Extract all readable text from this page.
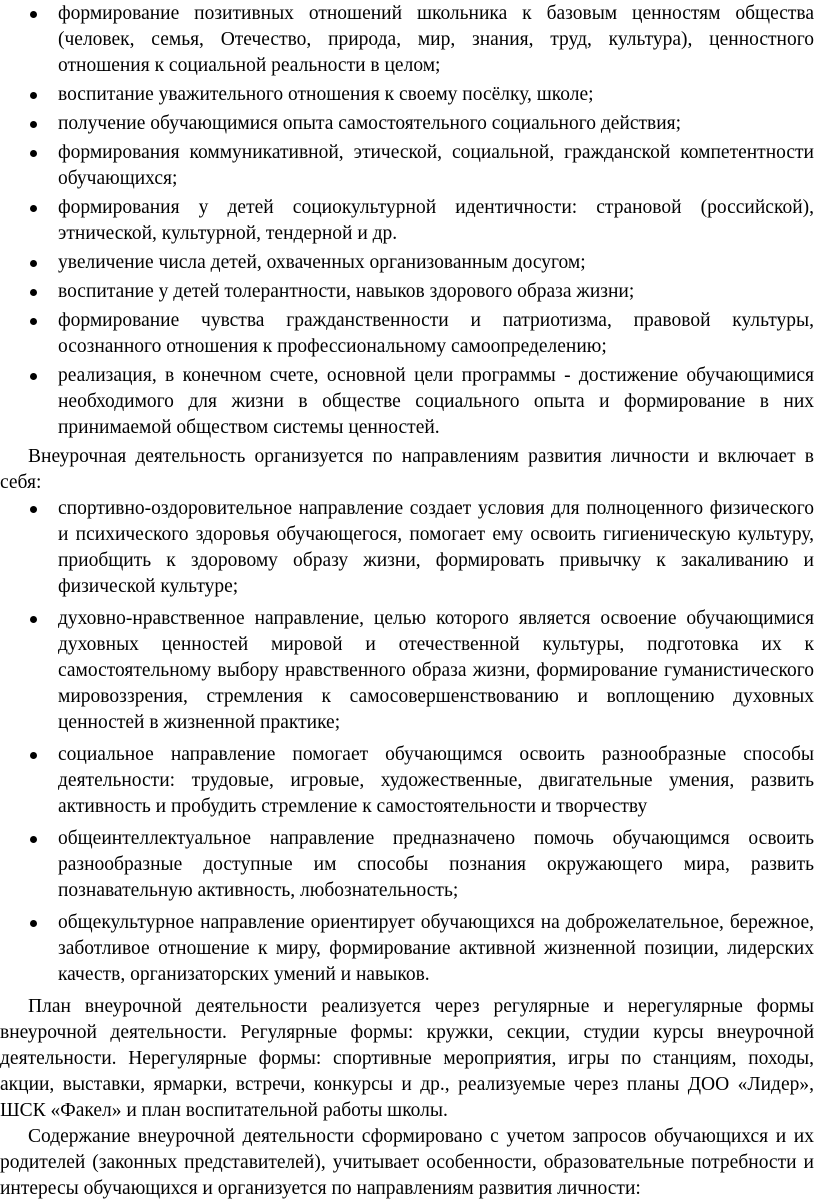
формирование позитивных отношений школьника к базовым ценностям общества (человек, семья, Отечество, природа, мир, знания, труд, культура), ценностного отношения к социальной реальности в целом;
воспитание уважительного отношения к своему посёлку, школе;
получение обучающимися опыта самостоятельного социального действия;
формирования коммуникативной, этической, социальной, гражданской компетентности обучающихся;
формирования у детей социокультурной идентичности: страновой (российской), этнической, культурной, тендерной и др.
увеличение числа детей, охваченных организованным досугом;
воспитание у детей толерантности, навыков здорового образа жизни;
формирование чувства гражданственности и патриотизма, правовой культуры, осознанного отношения к профессиональному самоопределению;
реализация, в конечном счете, основной цели программы - достижение обучающимися необходимого для жизни в обществе социального опыта и формирование в них принимаемой обществом системы ценностей.

Внеурочная деятельность организуется по направлениям развития личности и включает в себя:

спортивно-оздоровительное направление создает условия для полноценного физического и психического здоровья обучающегося, помогает ему освоить гигиеническую культуру, приобщить к здоровому образу жизни, формировать привычку к закаливанию и физической культуре;
духовно-нравственное направление, целью которого является освоение обучающимися духовных ценностей мировой и отечественной культуры, подготовка их к самостоятельному выбору нравственного образа жизни, формирование гуманистического мировоззрения, стремления к самосовершенствованию и воплощению духовных ценностей в жизненной практике;
социальное направление помогает обучающимся освоить разнообразные способы деятельности: трудовые, игровые, художественные, двигательные умения, развить активность и пробудить стремление к самостоятельности и творчеству
общеинтеллектуальное направление предназначено помочь обучающимся освоить разнообразные доступные им способы познания окружающего мира, развить познавательную активность, любознательность;
общекультурное направление ориентирует обучающихся на доброжелательное, бережное, заботливое отношение к миру, формирование активной жизненной позиции, лидерских качеств, организаторских умений и навыков.

План внеурочной деятельности реализуется через регулярные и нерегулярные формы внеурочной деятельности. Регулярные формы: кружки, секции, студии курсы внеурочной деятельности. Нерегулярные формы: спортивные мероприятия, игры по станциям, походы, акции, выставки, ярмарки, встречи, конкурсы и др., реализуемые через планы ДОО «Лидер», ШСК «Факел» и план воспитательной работы школы.

Содержание внеурочной деятельности сформировано с учетом запросов обучающихся и их родителей (законных представителей), учитывает особенности, образовательные потребности и интересы обучающихся и организуется по направлениям развития личности:
